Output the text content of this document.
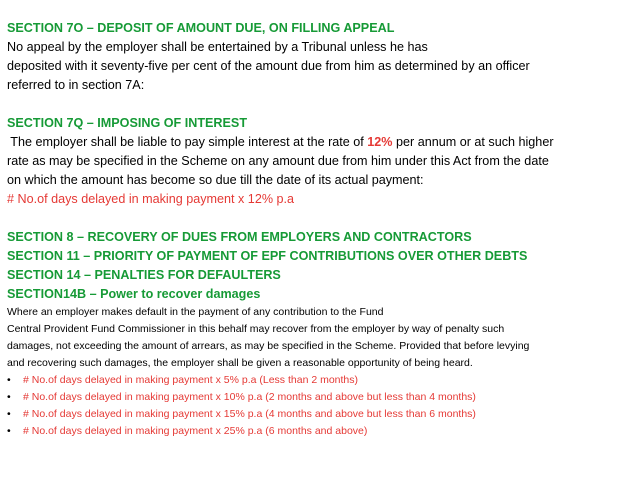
SECTION 7O – DEPOSIT OF AMOUNT DUE, ON FILLING APPEAL
No appeal by the employer shall be entertained by a Tribunal unless he has
deposited with it seventy-five per cent of the amount due from him as determined by an officer
referred to in section 7A:
SECTION 7Q – IMPOSING OF INTEREST
The employer shall be liable to pay simple interest at the rate of 12% per annum or at such higher
rate as may be specified in the Scheme on any amount due from him under this Act from the date
on which the amount has become so due till the date of its actual payment:
# No.of days delayed in making payment x 12% p.a
SECTION 8 – RECOVERY OF DUES FROM EMPLOYERS AND CONTRACTORS
SECTION 11 – PRIORITY OF PAYMENT OF EPF CONTRIBUTIONS OVER OTHER DEBTS
SECTION 14 – PENALTIES FOR DEFAULTERS
SECTION14B – Power to recover damages
Where an employer makes default in the payment of any contribution to the Fund
Central Provident Fund Commissioner in this behalf may recover from the employer by way of penalty such
damages, not exceeding the amount of arrears, as may be specified in the Scheme. Provided that before levying
and recovering such damages, the employer shall be given a reasonable opportunity of being heard.
• # No.of days delayed in making payment x 5% p.a (Less than 2 months)
• # No.of days delayed in making payment x 10% p.a (2 months and above but less than 4 months)
• # No.of days delayed in making payment x 15% p.a (4 months and above but less than 6 months)
• # No.of days delayed in making payment x 25% p.a (6 months and above)
